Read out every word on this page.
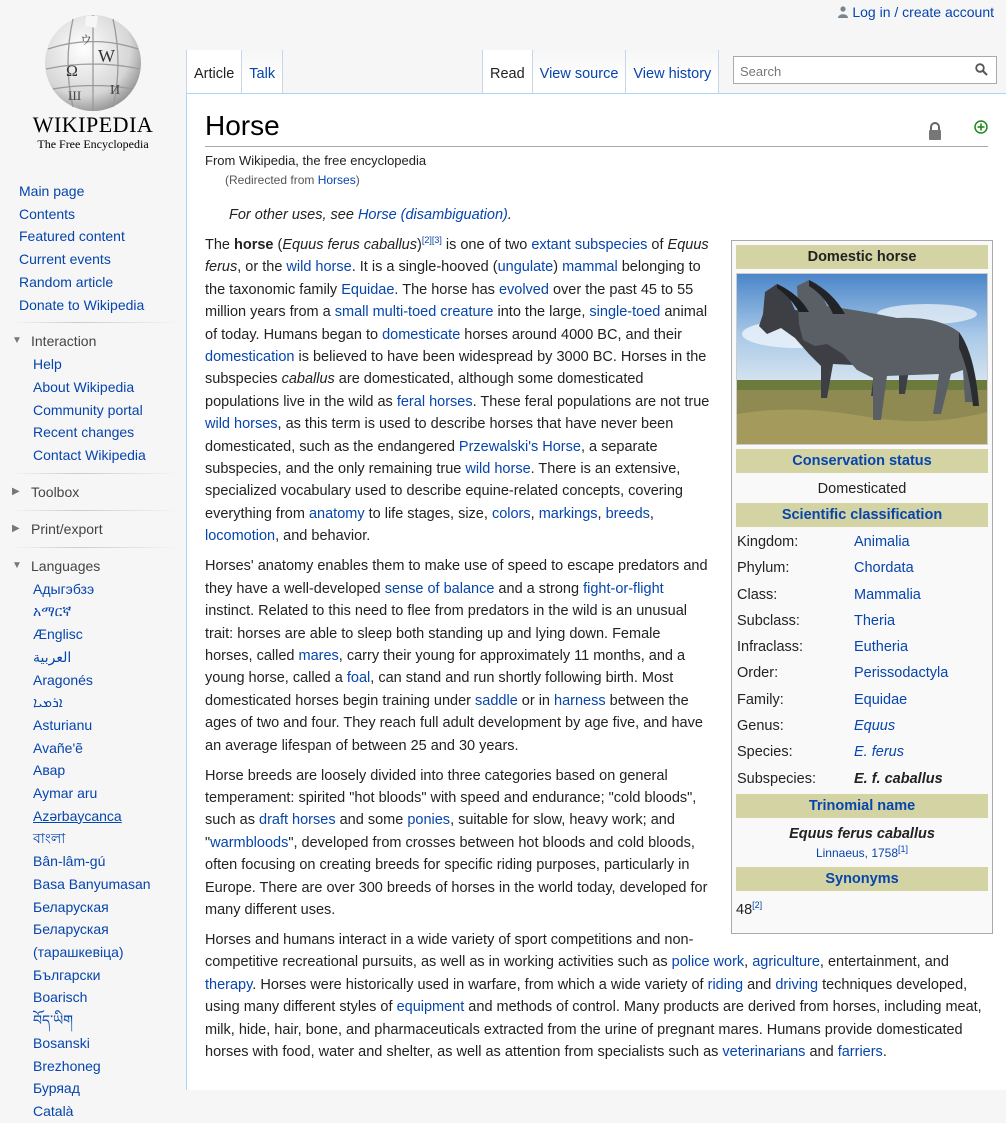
Log in / create account
Ω
W
И
ウ
Ш
WIKIPEDIA
The Free Encyclopedia
Main page
Contents
Featured content
Current events
Random article
Donate to Wikipedia
▼ Interaction
Help
About Wikipedia
Community portal
Recent changes
Contact Wikipedia
▶ Toolbox
▶ Print/export
▼ Languages
Адыгэбзэ
አማርኛ
Ænglisc
العربية
Aragonés
ܐܪܡܝܐ
Asturianu
Avañe'ẽ
Авар
Aymar aru
Azərbaycanca
বাংলা
Bân-lâm-gú
Basa Banyumasan
Беларуская
Беларуская (тарашкевіца)
Български
Boarisch
བོད་ཡིག
Bosanski
Brezhoneg
Буряад
Català
Article	Talk	Read	View source	View history
Search
Horse
From Wikipedia, the free encyclopedia
(Redirected from Horses)
For other uses, see Horse (disambiguation).
Domestic horse
Conservation status
Domesticated
Scientific classification
Kingdom:	Animalia
Phylum:	Chordata
Class:	Mammalia
Subclass:	Theria
Infraclass:	Eutheria
Order:	Perissodactyla
Family:	Equidae
Genus:	Equus
Species:	E. ferus
Subspecies:	E. f. caballus
Trinomial name
Equus ferus caballus
Linnaeus, 1758[1]
Synonyms
48[2]

The horse (Equus ferus caballus)[2][3] is one of two extant subspecies of Equus ferus, or the wild horse. It is a single-hooved (ungulate) mammal belonging to the taxonomic family Equidae. The horse has evolved over the past 45 to 55 million years from a small multi-toed creature into the large, single-toed animal of today. Humans began to domesticate horses around 4000 BC, and their domestication is believed to have been widespread by 3000 BC. Horses in the subspecies caballus are domesticated, although some domesticated populations live in the wild as feral horses. These feral populations are not true wild horses, as this term is used to describe horses that have never been domesticated, such as the endangered Przewalski's Horse, a separate subspecies, and the only remaining true wild horse. There is an extensive, specialized vocabulary used to describe equine-related concepts, covering everything from anatomy to life stages, size, colors, markings, breeds, locomotion, and behavior.

Horses' anatomy enables them to make use of speed to escape predators and they have a well-developed sense of balance and a strong fight-or-flight instinct. Related to this need to flee from predators in the wild is an unusual trait: horses are able to sleep both standing up and lying down. Female horses, called mares, carry their young for approximately 11 months, and a young horse, called a foal, can stand and run shortly following birth. Most domesticated horses begin training under saddle or in harness between the ages of two and four. They reach full adult development by age five, and have an average lifespan of between 25 and 30 years.

Horse breeds are loosely divided into three categories based on general temperament: spirited "hot bloods" with speed and endurance; "cold bloods", such as draft horses and some ponies, suitable for slow, heavy work; and "warmbloods", developed from crosses between hot bloods and cold bloods, often focusing on creating breeds for specific riding purposes, particularly in Europe. There are over 300 breeds of horses in the world today, developed for many different uses.

Horses and humans interact in a wide variety of sport competitions and non-competitive recreational pursuits, as well as in working activities such as police work, agriculture, entertainment, and therapy. Horses were historically used in warfare, from which a wide variety of riding and driving techniques developed, using many different styles of equipment and methods of control. Many products are derived from horses, including meat, milk, hide, hair, bone, and pharmaceuticals extracted from the urine of pregnant mares. Humans provide domesticated horses with food, water and shelter, as well as attention from specialists such as veterinarians and farriers.
